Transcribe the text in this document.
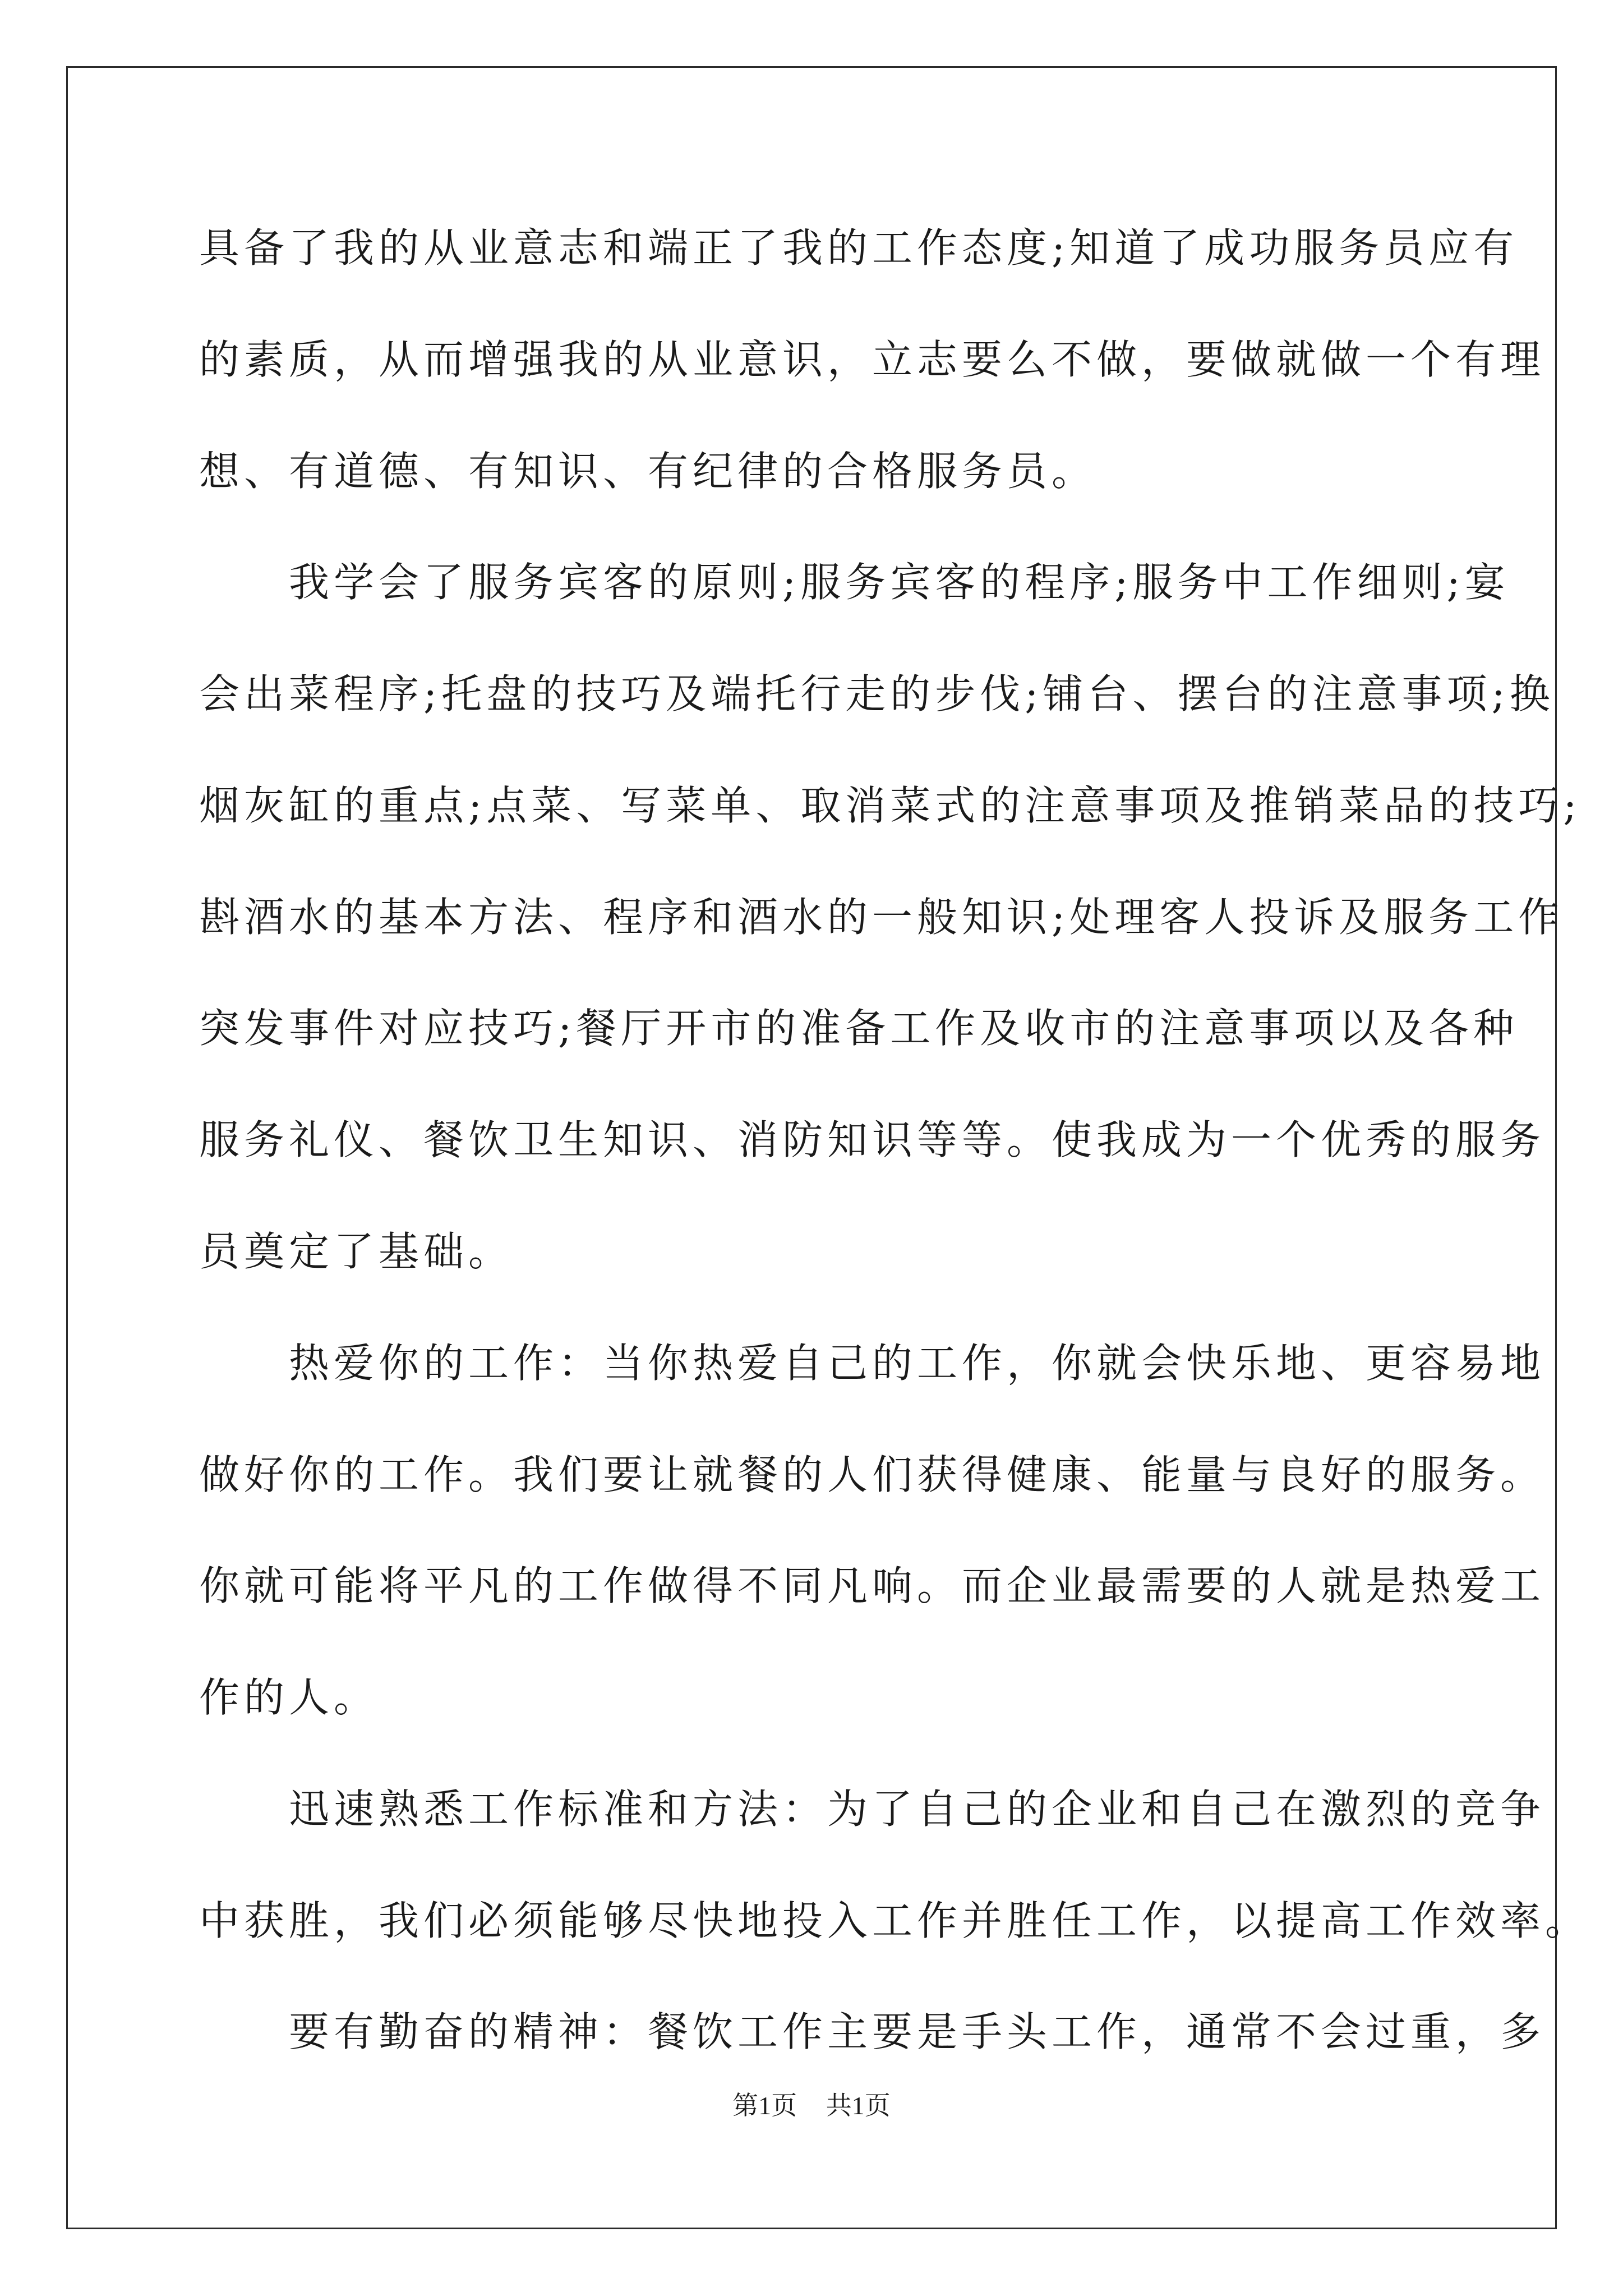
具备了我的从业意志和端正了我的工作态度;知道了成功服务员应有
的素质，从而增强我的从业意识，立志要么不做，要做就做一个有理
想、有道德、有知识、有纪律的合格服务员。
　　我学会了服务宾客的原则;服务宾客的程序;服务中工作细则;宴
会出菜程序;托盘的技巧及端托行走的步伐;铺台、摆台的注意事项;换
烟灰缸的重点;点菜、写菜单、取消菜式的注意事项及推销菜品的技巧;
斟酒水的基本方法、程序和酒水的一般知识;处理客人投诉及服务工作
突发事件对应技巧;餐厅开市的准备工作及收市的注意事项以及各种
服务礼仪、餐饮卫生知识、消防知识等等。使我成为一个优秀的服务
员奠定了基础。
　　热爱你的工作：当你热爱自己的工作，你就会快乐地、更容易地
做好你的工作。我们要让就餐的人们获得健康、能量与良好的服务。
你就可能将平凡的工作做得不同凡响。而企业最需要的人就是热爱工
作的人。
　　迅速熟悉工作标准和方法：为了自己的企业和自己在激烈的竞争
中获胜，我们必须能够尽快地投入工作并胜任工作，以提高工作效率。
　　要有勤奋的精神：餐饮工作主要是手头工作，通常不会过重，多
第1页 共1页
